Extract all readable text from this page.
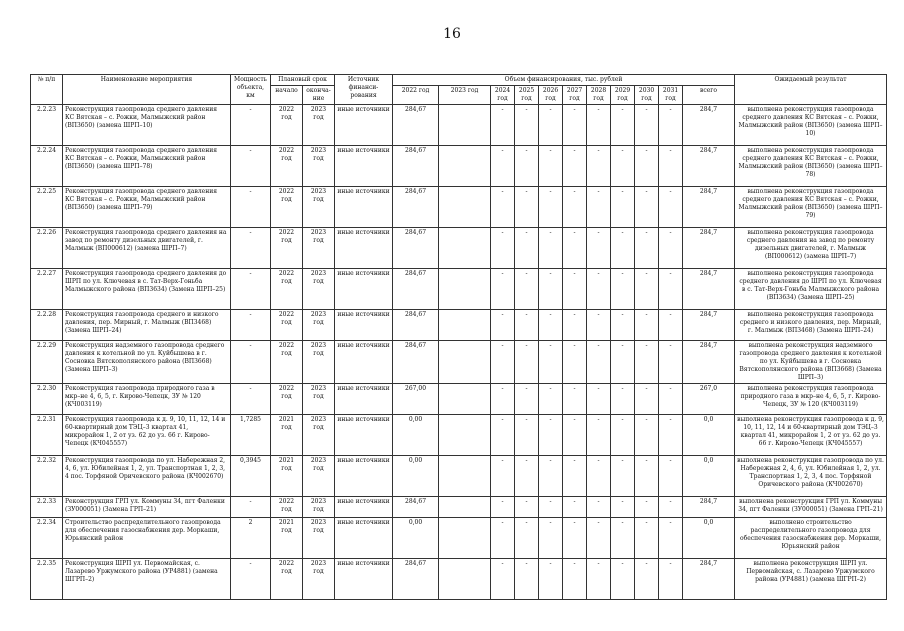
16
№ п/п	Наименование мероприятия	Мощность объекта, км	Плановый срок		Источник финанси-рования	Объем финансирования, тыс. рублей											Ожидаемый результат
			начало	оконча-ние		2022 год	2023 год	2024 год	2025 год	2026 год	2027 год	2028 год	2029 год	2030 год	2031 год	всего	
2.2.23	Реконструкция газопровода среднего давления КС Вятская – с. Рожки, Малмыжский район (ВП3650) (замена ШРП–10)	-	2022 год	2023 год	иные источники	284,67		-	-	-	-	-	-	-	-	284,7	выполнена реконструкция газопровода среднего давления КС Вятская – с. Рожки, Малмыжский район (ВП3650) (замена ШРП–10)
2.2.24	Реконструкция газопровода среднего давления КС Вятская – с. Рожки, Малмыжский район (ВП3650) (замена ШРП–78)	-	2022 год	2023 год	иные источники	284,67		-	-	-	-	-	-	-	-	284,7	выполнена реконструкция газопровода среднего давления КС Вятская – с. Рожки, Малмыжский район (ВП3650) (замена ШРП–78)
2.2.25	Реконструкция газопровода среднего давления КС Вятская – с. Рожки, Малмыжский район (ВП3650) (замена ШРП–79)	-	2022 год	2023 год	иные источники	284,67		-	-	-	-	-	-	-	-	284,7	выполнена реконструкция газопровода среднего давления КС Вятская – с. Рожки, Малмыжский район (ВП3650) (замена ШРП–79)
2.2.26	Реконструкция газопровода среднего давления на завод по ремонту дизельных двигателей, г. Малмыж (ВП000612) (замена ШРП–7)	-	2022 год	2023 год	иные источники	284,67		-	-	-	-	-	-	-	-	284,7	выполнена реконструкция газопровода среднего давления на завод по ремонту дизельных двигателей, г. Малмыж (ВП000612) (замена ШРП–7)
2.2.27	Реконструкция газопровода среднего давления до ШРП по ул. Ключевая в с. Тат-Верх-Гоньба Малмыжского района (ВП3634) (Замена ШРП–25)	-	2022 год	2023 год	иные источники	284,67		-	-	-	-	-	-	-	-	284,7	выполнена реконструкция газопровода среднего давления до ШРП по ул. Ключевая в с. Тат-Верх-Гоньба Малмыжского района (ВП3634) (Замена ШРП–25)
2.2.28	Реконструкция газопровода среднего и низкого давления, пер. Мирный, г. Малмыж (ВП3468) (Замена ШРП–24)	-	2022 год	2023 год	иные источники	284,67		-	-	-	-	-	-	-	-	284,7	выполнена реконструкция газопровода среднего и низкого давления, пер. Мирный, г. Малмыж (ВП3468) (Замена ШРП–24)
2.2.29	Реконструкция надземного газопровода среднего давления к котельной по ул. Куйбышева в г. Сосновка Вятскополянского района (ВП3668) (Замена ШРП–3)	-	2022 год	2023 год	иные источники	284,67		-	-	-	-	-	-	-	-	284,7	выполнена реконструкция надземного газопровода среднего давления к котельной по ул. Куйбышева в г. Сосновка Вятскополянского района (ВП3668) (Замена ШРП–3)
2.2.30	Реконструкция газопровода природного газа в мкр–не 4, 6, 5, г. Кирово-Чепецк, ЗУ № 120 (КЧ003119)	-	2022 год	2023 год	иные источники	267,00		-	-	-	-	-	-	-	-	267,0	выполнена реконструкция газопровода природного газа в мкр–не 4, 6, 5, г. Кирово-Чепецк, ЗУ № 120 (КЧ003119)
2.2.31	Реконструкция газопровода к д. 9, 10, 11, 12, 14 и 60-квартирный дом ТЭЦ–3 квартал 41, микрорайон 1, 2 от уз. 62 до уз. 66 г. Кирово-Чепецк (КЧ045557)	1,7285	2021 год	2023 год	иные источники	0,00		-	-	-	-	-	-	-	-	0,0	выполнена реконструкция газопровода к д. 9, 10, 11, 12, 14 и 60-квартирный дом ТЭЦ–3 квартал 41, микрорайон 1, 2 от уз. 62 до уз. 66 г. Кирово-Чепецк (КЧ045557)
2.2.32	Реконструкция газопровода по ул. Набережная 2, 4, 6, ул. Юбилейная 1, 2, ул. Транспортная 1, 2, 3, 4 пос. Торфяной Оричевского района (КЧ002670)	0,3945	2021 год	2023 год	иные источники	0,00		-	-	-	-	-	-	-	-	0,0	выполнена реконструкция газопровода по ул. Набережная 2, 4, 6, ул. Юбилейная 1, 2, ул. Транспортная 1, 2, 3, 4 пос. Торфяной Оричевского района (КЧ002670)
2.2.33	Реконструкция ГРП ул. Коммуны 34, пгт Фаленки (ЗУ000051) (Замена ГРП–21)	-	2022 год	2023 год	иные источники	284,67		-	-	-	-	-	-	-	-	284,7	выполнена реконструкция ГРП ул. Коммуны 34, пгт Фаленки (ЗУ000051) (Замена ГРП–21)
2.2.34	Строительство распределительного газопровода для обеспечения газоснабжения дер. Моркаши, Юрьянский район	2	2021 год	2023 год	иные источники	0,00		-	-	-	-	-	-	-	-	0,0	выполнено строительство распределительного газопровода для обеспечения газоснабжения дер. Моркаши, Юрьянский район
2.2.35	Реконструкция ШРП ул. Первомайская, с. Лазарево Уржумского района (УР4881) (замена ШГРП–2)	-	2022 год	2023 год	иные источники	284,67		-	-	-	-	-	-	-	-	284,7	выполнена реконструкция ШРП ул. Первомайская, с. Лазарево Уржумского района (УР4881) (замена ШГРП–2)
